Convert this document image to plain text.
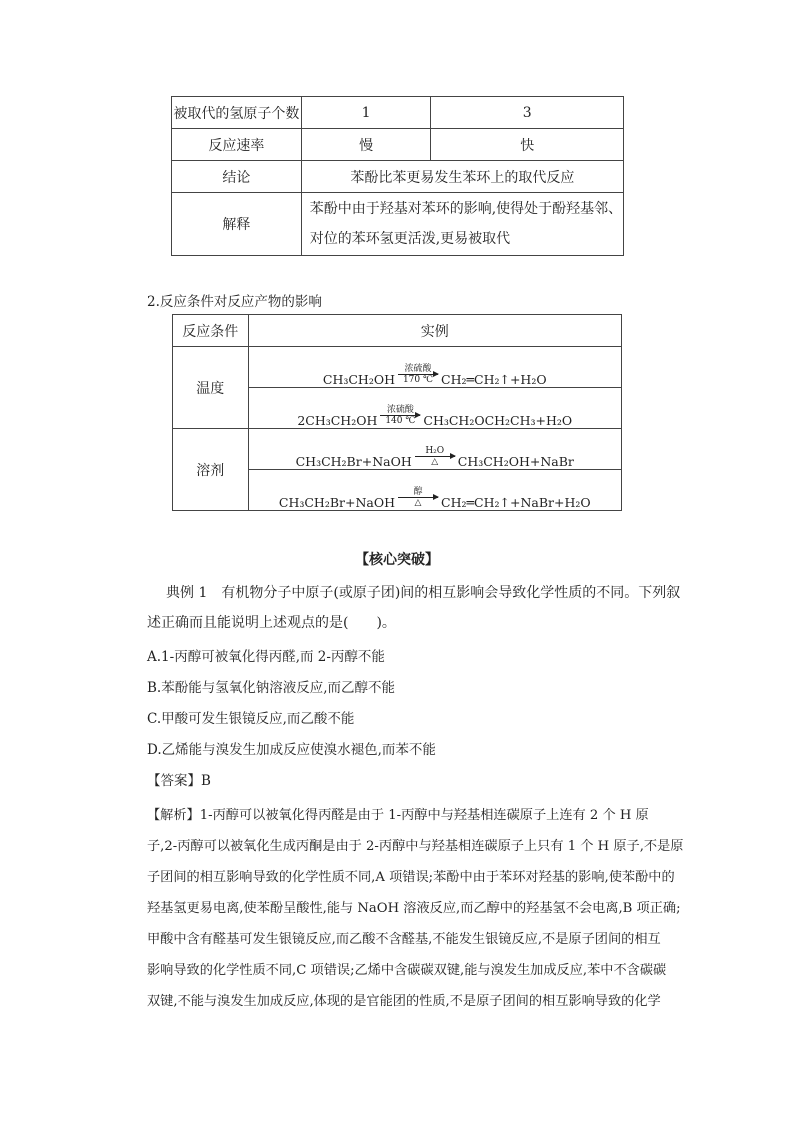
被取代的氢原子个数	1	3
反应速率	慢	快
结论	苯酚比苯更易发生苯环上的取代反应	
解释	苯酚中由于羟基对苯环的影响,使得处于酚羟基邻、
对位的苯环氢更活泼,更易被取代	
2.反应条件对反应产物的影响
反应条件	实例
温度	CH₃CH₂OH
浓硫酸
170 ℃ CH₂═CH₂↑+H₂O

	2CH₃CH₂OH
浓硫酸
140 ℃ CH₃CH₂OCH₂CH₃+H₂O

溶剂	CH₃CH₂Br+NaOH
H₂O
△ CH₃CH₂OH+NaBr

	CH₃CH₂Br+NaOH
醇
△ CH₂═CH₂↑+NaBr+H₂O
【核心突破】
典例 1　有机物分子中原子(或原子团)间的相互影响会导致化学性质的不同。下列叙
述正确而且能说明上述观点的是(　　)。
A.1-丙醇可被氧化得丙醛,而 2-丙醇不能
B.苯酚能与氢氧化钠溶液反应,而乙醇不能
C.甲酸可发生银镜反应,而乙酸不能
D.乙烯能与溴发生加成反应使溴水褪色,而苯不能
【答案】B
【解析】1-丙醇可以被氧化得丙醛是由于 1-丙醇中与羟基相连碳原子上连有 2 个 H 原
子,2-丙醇可以被氧化生成丙酮是由于 2-丙醇中与羟基相连碳原子上只有 1 个 H 原子,不是原
子团间的相互影响导致的化学性质不同,A 项错误;苯酚中由于苯环对羟基的影响,使苯酚中的
羟基氢更易电离,使苯酚呈酸性,能与 NaOH 溶液反应,而乙醇中的羟基氢不会电离,B 项正确;
甲酸中含有醛基可发生银镜反应,而乙酸不含醛基,不能发生银镜反应,不是原子团间的相互
影响导致的化学性质不同,C 项错误;乙烯中含碳碳双键,能与溴发生加成反应,苯中不含碳碳
双键,不能与溴发生加成反应,体现的是官能团的性质,不是原子团间的相互影响导致的化学
